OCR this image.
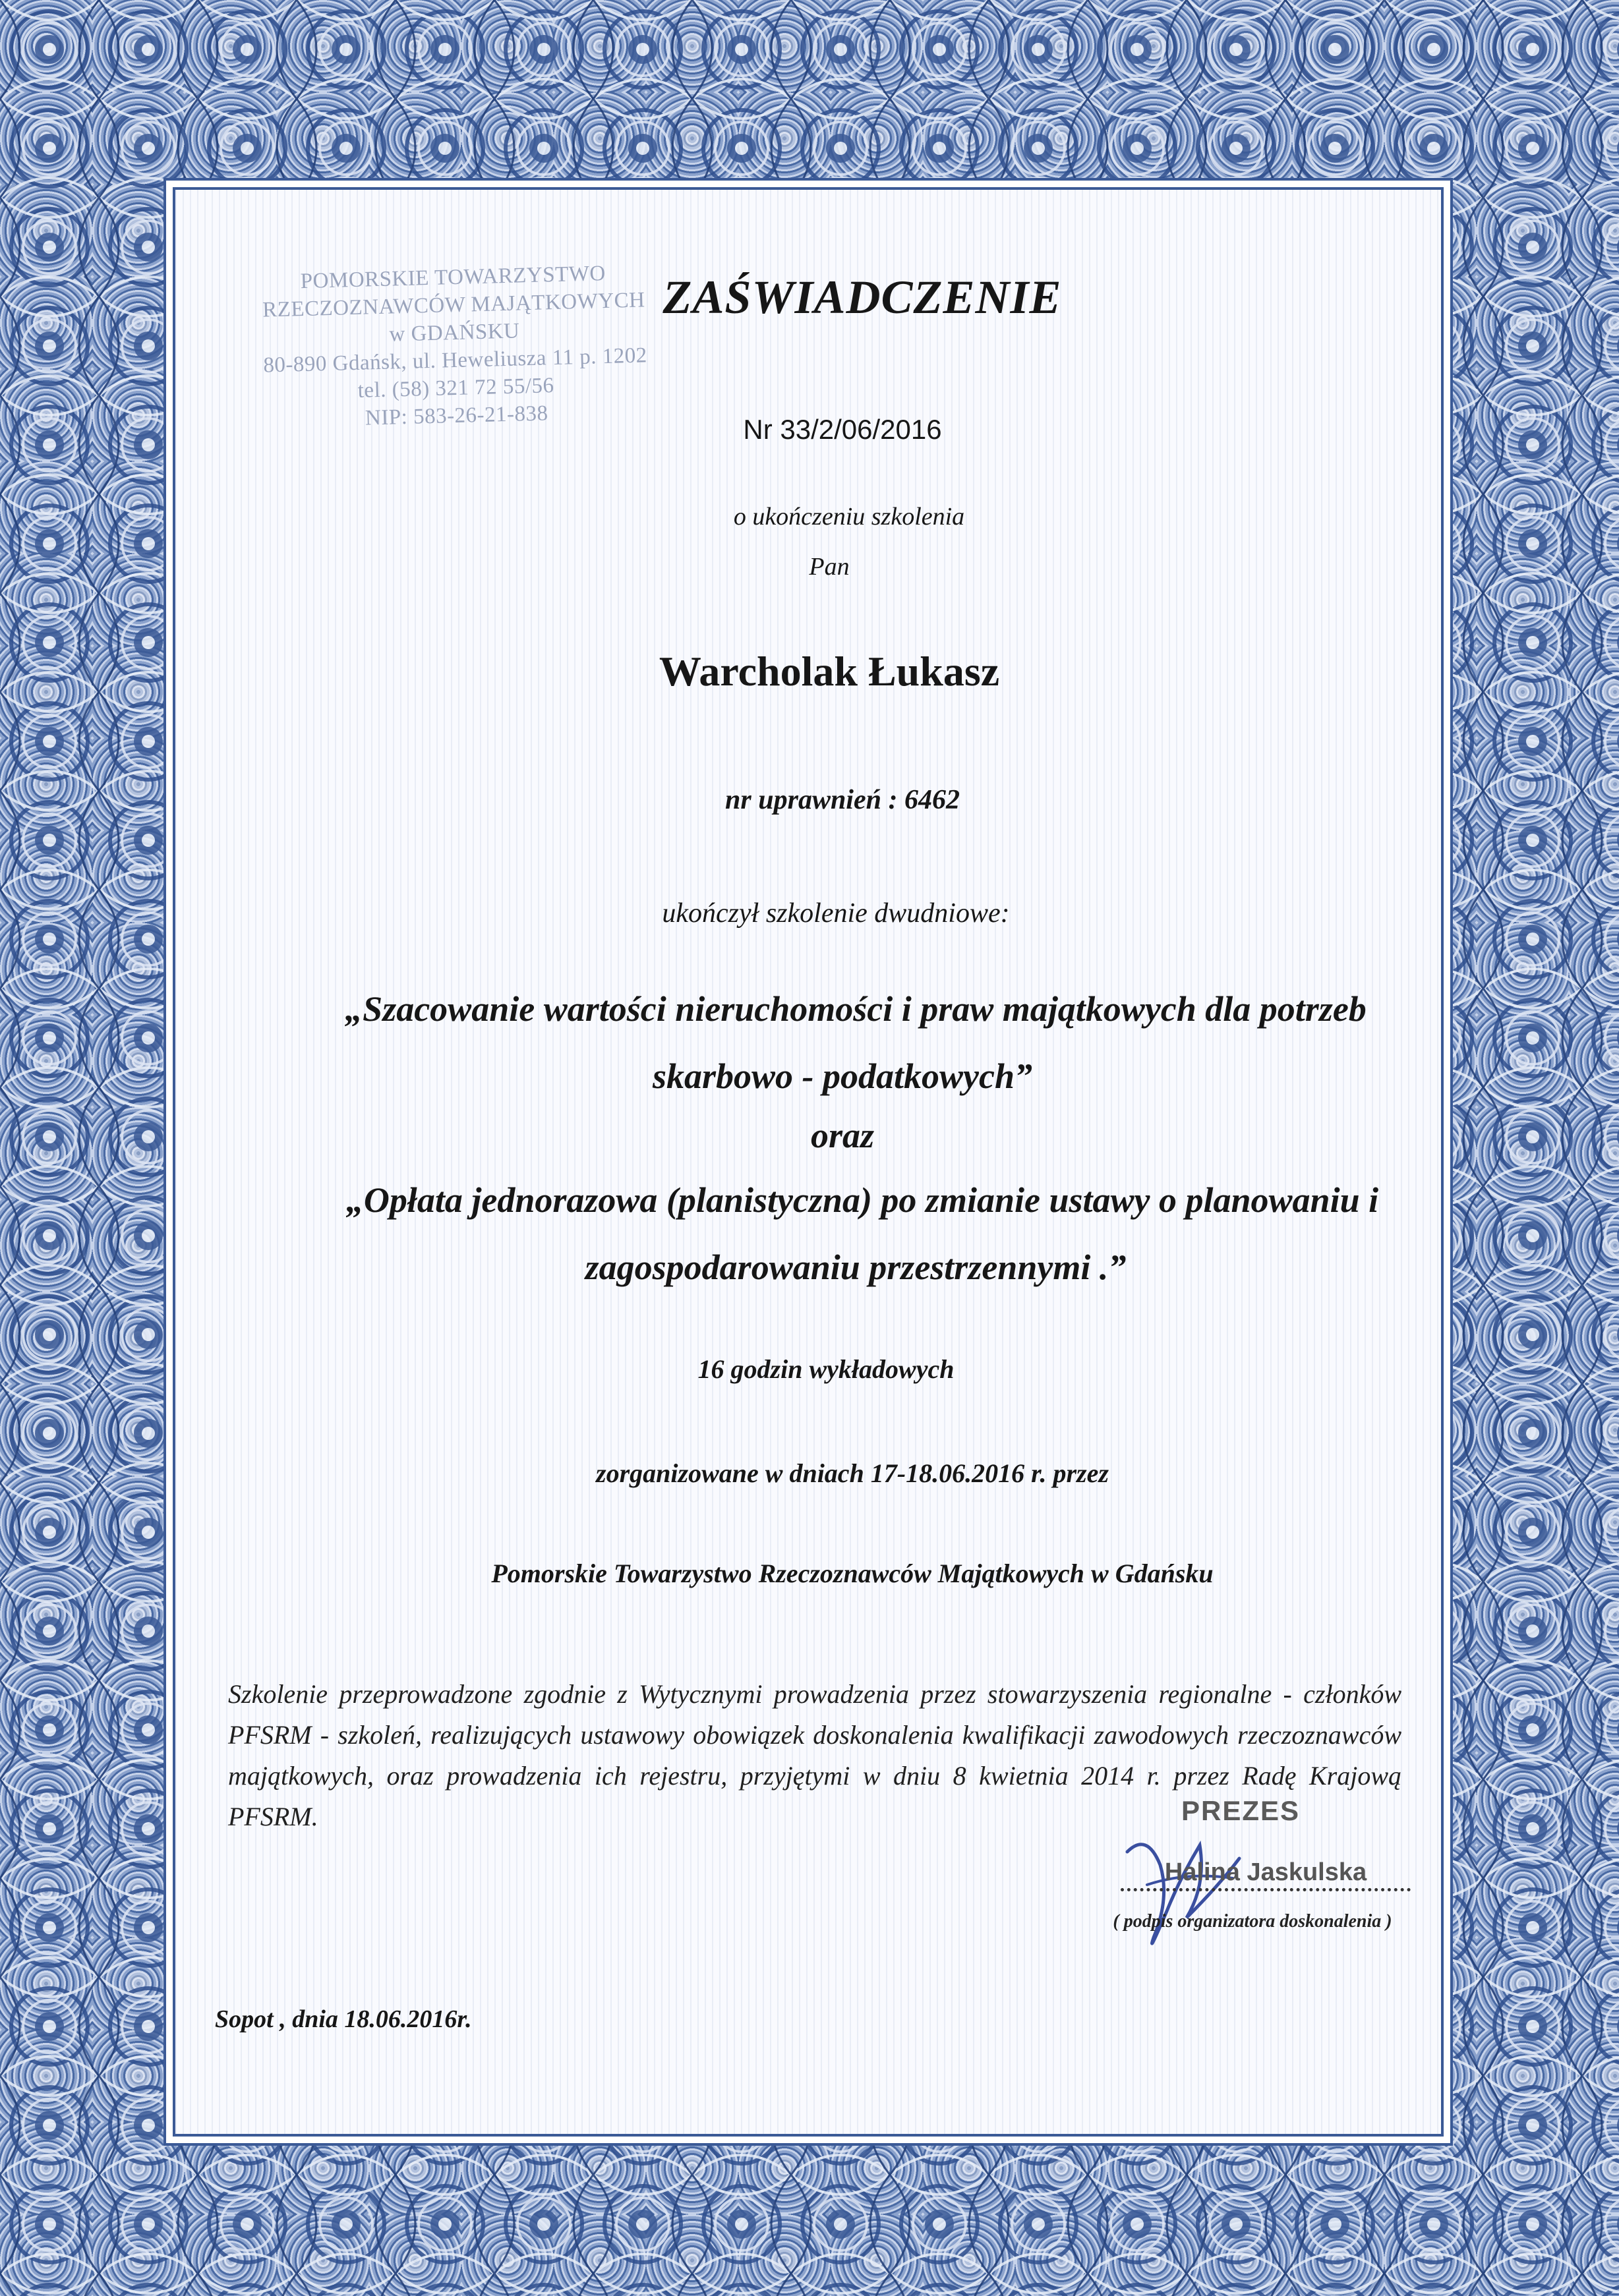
POMORSKIE TOWARZYSTWO
RZECZOZNAWCÓW MAJĄTKOWYCH
w GDAŃSKU
80-890 Gdańsk, ul. Heweliusza 11 p. 1202
tel. (58) 321 72 55/56
NIP: 583-26-21-838
ZAŚWIADCZENIE
Nr 33/2/06/2016
o ukończeniu szkolenia
Pan
Warcholak Łukasz
nr uprawnień : 6462
ukończył szkolenie dwudniowe:
„Szacowanie wartości nieruchomości i praw majątkowych dla potrzeb
skarbowo - podatkowych”
oraz
„Opłata jednorazowa (planistyczna) po zmianie ustawy o planowaniu i
zagospodarowaniu przestrzennymi .”
16 godzin wykładowych
zorganizowane w dniach 17-18.06.2016 r. przez
Pomorskie Towarzystwo Rzeczoznawców Majątkowych w Gdańsku
Szkolenie przeprowadzone zgodnie z Wytycznymi prowadzenia przez stowarzyszenia regionalne - członków PFSRM - szkoleń, realizujących ustawowy obowiązek doskonalenia kwalifikacji zawodowych rzeczoznawców majątkowych, oraz prowadzenia ich rejestru, przyjętymi w dniu 8 kwietnia 2014 r. przez Radę Krajową PFSRM.	PREZES
Halina Jaskulska
( podpis organizatora doskonalenia )
Sopot , dnia 18.06.2016r.
